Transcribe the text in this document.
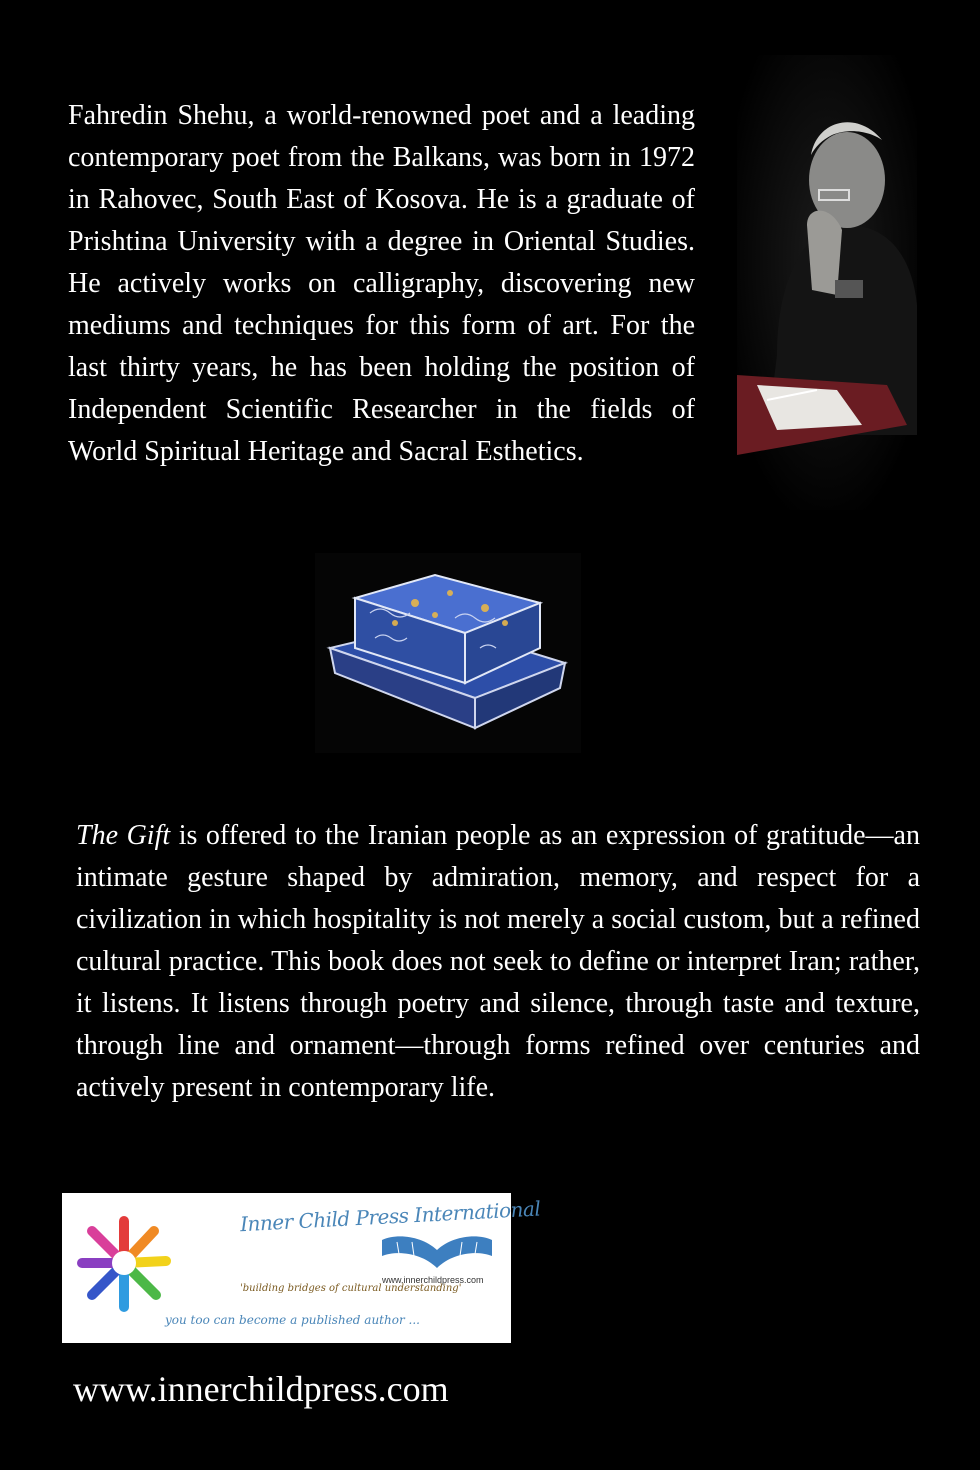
Fahredin Shehu, a world-renowned poet and a leading contemporary poet from the Balkans, was born in 1972 in Rahovec, South East of Kosova. He is a graduate of Prishtina University with a degree in Oriental Studies. He actively works on calligraphy, discovering new mediums and techniques for this form of art. For the last thirty years, he has been holding the position of Independent Scientific Researcher in the fields of World Spiritual Heritage and Sacral Esthetics.

The Gift is offered to the Iranian people as an expression of gratitude—an intimate gesture shaped by admiration, memory, and respect for a civilization in which hospitality is not merely a social custom, but a refined cultural practice. This book does not seek to define or interpret Iran; rather, it listens. It listens through poetry and silence, through taste and texture, through line and ornament—through forms refined over centuries and actively present in contemporary life.

Inner Child Press International
'building bridges of cultural understanding'
www.innerchildpress.com
you too can become a published author ...
www.innerchildpress.com
